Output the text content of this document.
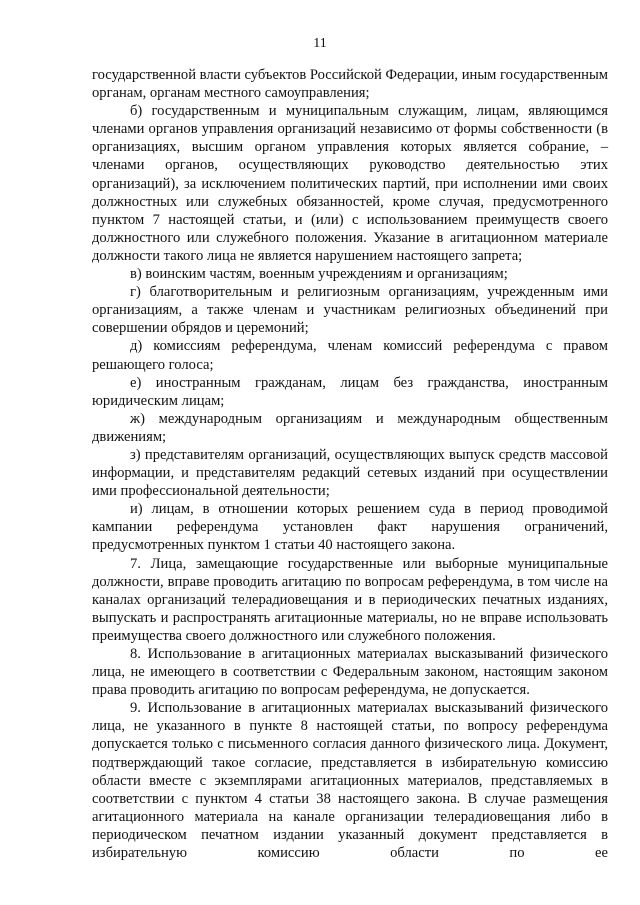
11

государственной власти субъектов Российской Федерации, иным государственным органам, органам местного самоуправления;

б) государственным и муниципальным служащим, лицам, являющимся членами органов управления организаций независимо от формы собственности (в организациях, высшим органом управления которых является собрание, – членами органов, осуществляющих руководство деятельностью этих организаций), за исключением политических партий, при исполнении ими своих должностных или служебных обязанностей, кроме случая, предусмотренного пунктом 7 настоящей статьи, и (или) с использованием преимуществ своего должностного или служебного положения. Указание в агитационном материале должности такого лица не является нарушением настоящего запрета;

в) воинским частям, военным учреждениям и организациям;

г) благотворительным и религиозным организациям, учрежденным ими организациям, а также членам и участникам религиозных объединений при совершении обрядов и церемоний;

д) комиссиям референдума, членам комиссий референдума с правом решающего голоса;

е) иностранным гражданам, лицам без гражданства, иностранным юридическим лицам;

ж) международным организациям и международным общественным движениям;

з) представителям организаций, осуществляющих выпуск средств массовой информации, и представителям редакций сетевых изданий при осуществлении ими профессиональной деятельности;

и) лицам, в отношении которых решением суда в период проводимой кампании референдума установлен факт нарушения ограничений, предусмотренных пунктом 1 статьи 40 настоящего закона.

7. Лица, замещающие государственные или выборные муниципальные должности, вправе проводить агитацию по вопросам референдума, в том числе на каналах организаций телерадиовещания и в периодических печатных изданиях, выпускать и распространять агитационные материалы, но не вправе использовать преимущества своего должностного или служебного положения.

8. Использование в агитационных материалах высказываний физического лица, не имеющего в соответствии с Федеральным законом, настоящим законом права проводить агитацию по вопросам референдума, не допускается.

9. Использование в агитационных материалах высказываний физического лица, не указанного в пункте 8 настоящей статьи, по вопросу референдума допускается только с письменного согласия данного физического лица. Документ, подтверждающий такое согласие, представляется в избирательную комиссию области вместе с экземплярами агитационных материалов, представляемых в соответствии с пунктом 4 статьи 38 настоящего закона. В случае размещения агитационного материала на канале организации телерадиовещания либо в периодическом печатном издании указанный документ представляется в избирательную комиссию области по ее
